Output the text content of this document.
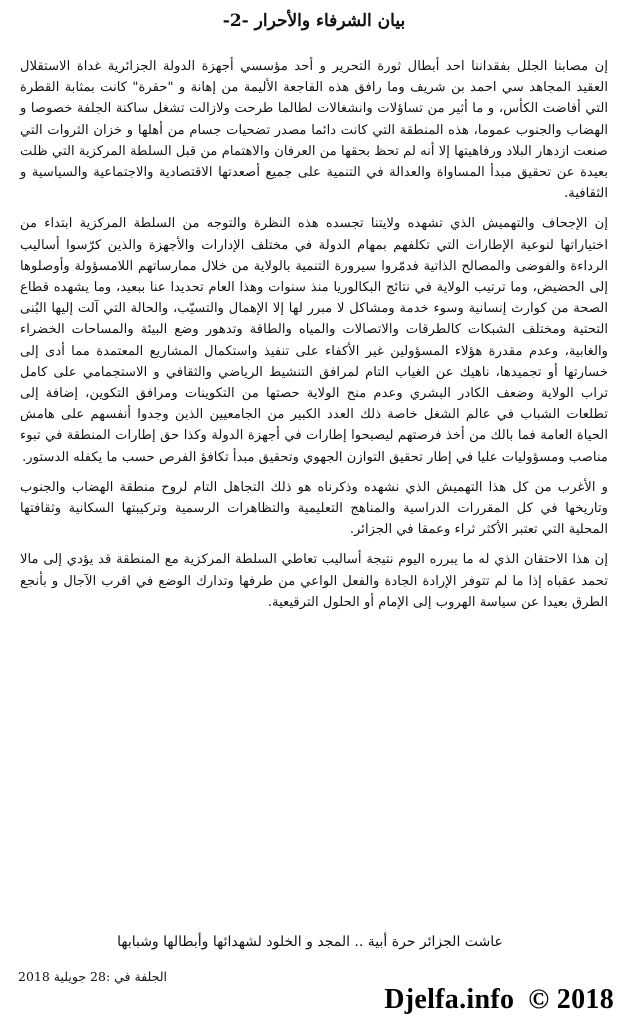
بيان الشرفاء والأحرار -2-

إن مصابنا الجلل بفقداننا احد أبطال ثورة التحرير و أحد مؤسسي أجهزة الدولة الجزائرية غداة الاستقلال العقيد المجاهد سي احمد بن شريف وما رافق هذه الفاجعة الأليمة من إهانة و "حقرة" كانت بمثابة القطرة التي أفاضت الكأس، و ما أثير من تساؤلات وانشغالات لطالما طرحت ولازالت تشغل ساكنة الجلفة خصوصا و الهضاب والجنوب عموما، هذه المنطقة التي كانت دائما مصدر تضحيات جسام من أهلها و خزان الثروات التي صنعت ازدهار البلاد ورفاهيتها إلا أنه لم تحظ بحقها من العرفان والاهتمام من قبل السلطة المركزية التي ظلت بعيدة عن تحقيق مبدأ المساواة والعدالة في التنمية على جميع أصعدتها الاقتصادية والاجتماعية والسياسية و الثقافية.

إن الإجحاف والتهميش الذي تشهده ولايتنا تجسده هذه النظرة والتوجه من السلطة المركزية ابتداء من اختياراتها لنوعية الإطارات التي تكلفهم بمهام الدولة في مختلف الإدارات والأجهزة والذين كرّسوا أساليب الرداءة والفوضى والمصالح الذاتية فدمّروا سيرورة التنمية بالولاية من خلال ممارساتهم اللامسؤولة وأوصلوها إلى الحضيض، وما ترتيب الولاية في نتائج البكالوريا منذ سنوات وهذا العام تحديدا عنا ببعيد، وما يشهده قطاع الصحة من كوارث إنسانية وسوء خدمة ومشاكل لا مبرر لها إلا الإهمال والتسيّب، والحالة التي آلت إليها البُنى التحتية ومختلف الشبكات كالطرقات والاتصالات والمياه والطاقة وتدهور وضع البيئة والمساحات الخضراء والغابية، وعدم مقدرة هؤلاء المسؤولين غير الأكفاء على تنفيذ واستكمال المشاريع المعتمدة مما أدى إلى خسارتها أو تجميدها، ناهيك عن الغياب التام لمرافق التنشيط الرياضي والثقافي و الاستجمامي على كامل تراب الولاية وضعف الكادر البشري وعدم منح الولاية حصتها من التكوينات ومرافق التكوين، إضافة إلى تطلعات الشباب في عالم الشغل خاصة ذلك العدد الكبير من الجامعيين الذين وجدوا أنفسهم على هامش الحياة العامة فما بالك من أخذ فرصتهم ليصبحوا إطارات في أجهزة الدولة وكذا حق إطارات المنطقة في تبوء مناصب ومسؤوليات عليا في إطار تحقيق التوازن الجهوي وتحقيق مبدأ تكافؤ الفرص حسب ما يكفله الدستور.

و الأغرب من كل هذا التهميش الذي نشهده وذكرناه هو ذلك التجاهل التام لروح منطقة الهضاب والجنوب وتاريخها في كل المقررات الدراسية والمناهج التعليمية والتظاهرات الرسمية وتركيبتها السكانية وثقافتها المحلية التي تعتبر الأكثر ثراء وعمقا في الجزائر.

إن هذا الاحتقان الذي له ما يبرره اليوم نتيجة أساليب تعاطي السلطة المركزية مع المنطقة قد يؤدي إلى مالا تحمد عقباه إذا ما لم تتوفر الإرادة الجادة والفعل الواعي من طرفها وتدارك الوضع في اقرب الآجال و بأنجع الطرق بعيدا عن سياسة الهروب إلى الإمام أو الحلول الترقيعية.

عاشت الجزائر حرة أبية .. المجد و الخلود لشهدائها وأبطالها وشبابها
الجلفة في :28 جويلية 2018
Djelfa.info © 2018
